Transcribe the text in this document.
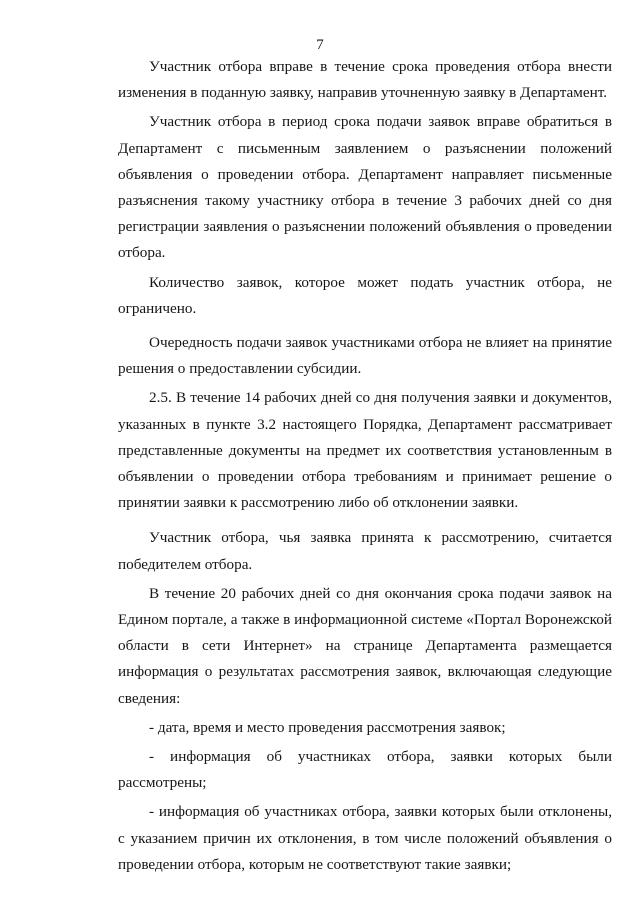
7

Участник отбора вправе в течение срока проведения отбора внести изменения в поданную заявку, направив уточненную заявку в Департамент.

Участник отбора в период срока подачи заявок вправе обратиться в Департамент с письменным заявлением о разъяснении положений объявления о проведении отбора. Департамент направляет письменные разъяснения такому участнику отбора в течение 3 рабочих дней со дня регистрации заявления о разъяснении положений объявления о проведении отбора.

Количество заявок, которое может подать участник отбора, не ограничено.

Очередность подачи заявок участниками отбора не влияет на принятие решения о предоставлении субсидии.

2.5. В течение 14 рабочих дней со дня получения заявки и документов, указанных в пункте 3.2 настоящего Порядка, Департамент рассматривает представленные документы на предмет их соответствия установленным в объявлении о проведении отбора требованиям и принимает решение о принятии заявки к рассмотрению либо об отклонении заявки.

Участник отбора, чья заявка принята к рассмотрению, считается победителем отбора.

В течение 20 рабочих дней со дня окончания срока подачи заявок на Едином портале, а также в информационной системе «Портал Воронежской области в сети Интернет» на странице Департамента размещается информация о результатах рассмотрения заявок, включающая следующие сведения:

- дата, время и место проведения рассмотрения заявок;

- информация об участниках отбора, заявки которых были рассмотрены;

- информация об участниках отбора, заявки которых были отклонены, с указанием причин их отклонения, в том числе положений объявления о проведении отбора, которым не соответствуют такие заявки;
